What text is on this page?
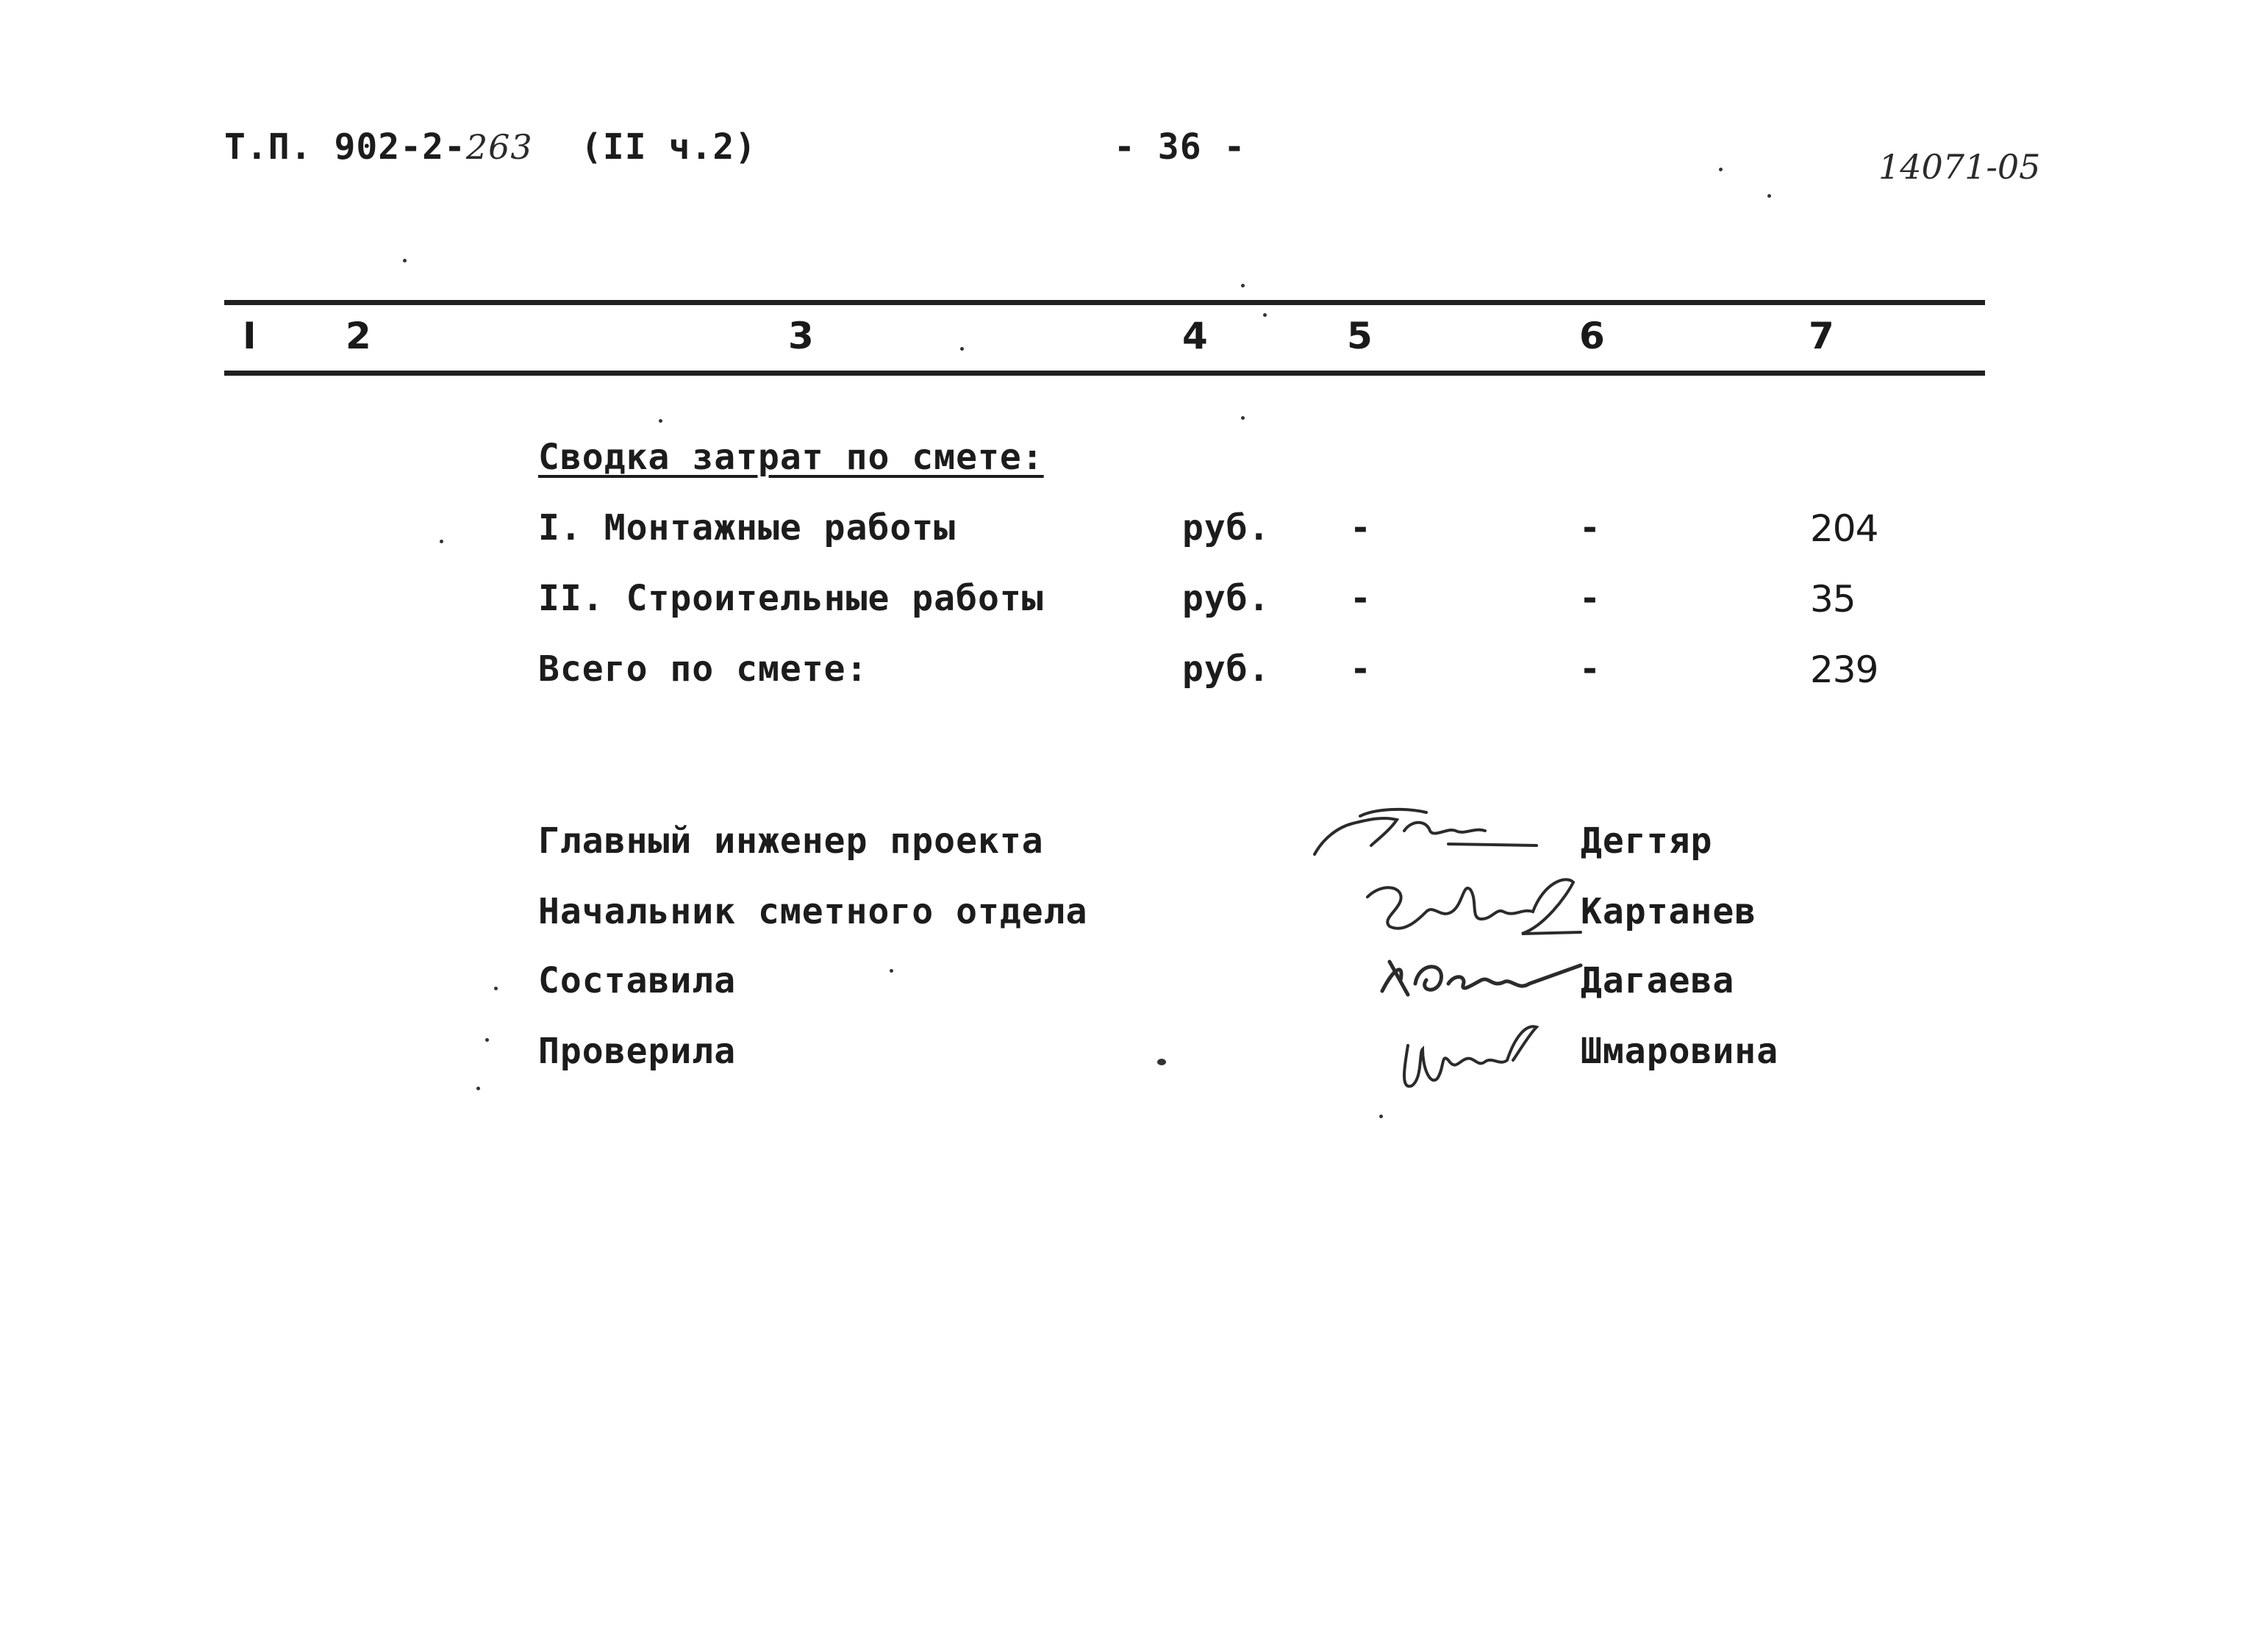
Т.П. 902-2-263 (II ч.2)	- 36 -	14071-05
I 2	3	4	5	6	7
Сводка затрат по смете:
I. Монтажные работы	руб. -	-	204
II. Строительные работы	руб. -	-	35
Всего по смете:	руб. -	-	239
Главный инженер проекта	Дегтяр
Начальник сметного отдела	Картанев
Составила	Дагаева
Проверила	Шмаровина
